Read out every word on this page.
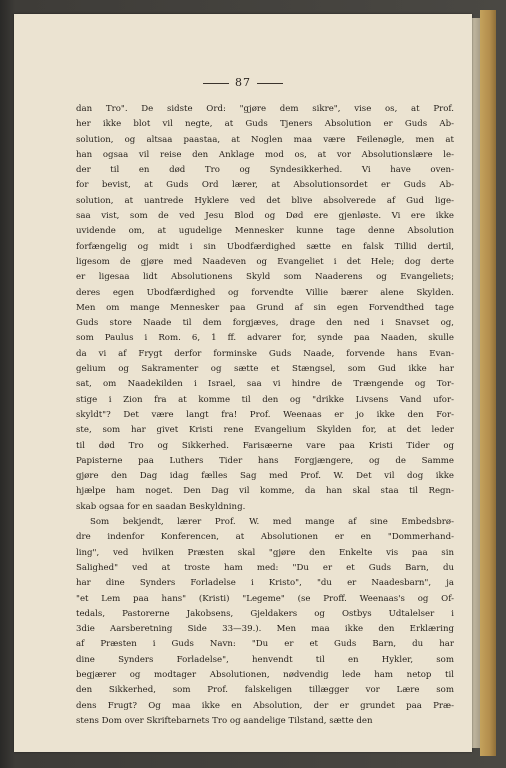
87
dan Tro". De sidste Ord: "gjøre dem sikre", vise os, at Prof.
her ikke blot vil negte, at Guds Tjeners Absolution er Guds Ab-
solution, og altsaa paastaa, at Noglen maa være Feilenøgle, men at
han ogsaa vil reise den Anklage mod os, at vor Absolutionslære le-
der til en død Tro og Syndesikkerhed. Vi have oven-
for bevist, at Guds Ord lærer, at Absolutionsordet er Guds Ab-
solution, at uantrede Hyklere ved det blive absolverede af Gud lige-
saa vist, som de ved Jesu Blod og Død ere gjenløste. Vi ere ikke
uvidende om, at ugudelige Mennesker kunne tage denne Absolution
forfængelig og midt i sin Ubodfærdighed sætte en falsk Tillid dertil,
ligesom de gjøre med Naadeven og Evangeliet i det Hele; dog derte
er ligesaa lidt Absolutionens Skyld som Naaderens og Evangeliets;
deres egen Ubodfærdighed og forvendte Villie bærer alene Skylden.
Men om mange Mennesker paa Grund af sin egen Forvendthed tage
Guds store Naade til dem forgjæves, drage den ned i Snavset og,
som Paulus i Rom. 6, 1 ff. advarer for, synde paa Naaden, skulle
da vi af Frygt derfor forminske Guds Naade, forvende hans Evan-
gelium og Sakramenter og sætte et Stængsel, som Gud ikke har
sat, om Naadekilden i Israel, saa vi hindre de Trængende og Tor-
stige i Zion fra at komme til den og "drikke Livsens Vand ufor-
skyldt"? Det være langt fra! Prof. Weenaas er jo ikke den For-
ste, som har givet Kristi rene Evangelium Skylden for, at det leder
til død Tro og Sikkerhed. Farisæerne vare paa Kristi Tider og
Papisterne paa Luthers Tider hans Forgjængere, og de Samme
gjøre den Dag idag fælles Sag med Prof. W. Det vil dog ikke
hjælpe ham noget. Den Dag vil komme, da han skal staa til Regn-
skab ogsaa for en saadan Beskyldning.
Som bekjendt, lærer Prof. W. med mange af sine Embedsbrø-
dre indenfor Konferencen, at Absolutionen er en "Dommerhand-
ling", ved hvilken Præsten skal "gjøre den Enkelte vis paa sin
Salighed" ved at troste ham med: "Du er et Guds Barn, du
har dine Synders Forladelse i Kristo", "du er Naadesbarn", ja
"et Lem paa hans" (Kristi) "Legeme" (se Proff. Weenaas's og Of-
tedals, Pastorerne Jakobsens, Gjeldakers og Ostbys Udtalelser i
3die Aarsberetning Side 33—39.). Men maa ikke den Erklæring
af Præsten i Guds Navn: "Du er et Guds Barn, du har
dine Synders Forladelse", henvendt til en Hykler, som
begjærer og modtager Absolutionen, nødvendig lede ham netop til
den Sikkerhed, som Prof. falskeligen tillægger vor Lære som
dens Frugt? Og maa ikke en Absolution, der er grundet paa Præ-
stens Dom over Skriftebarnets Tro og aandelige Tilstand, sætte den
